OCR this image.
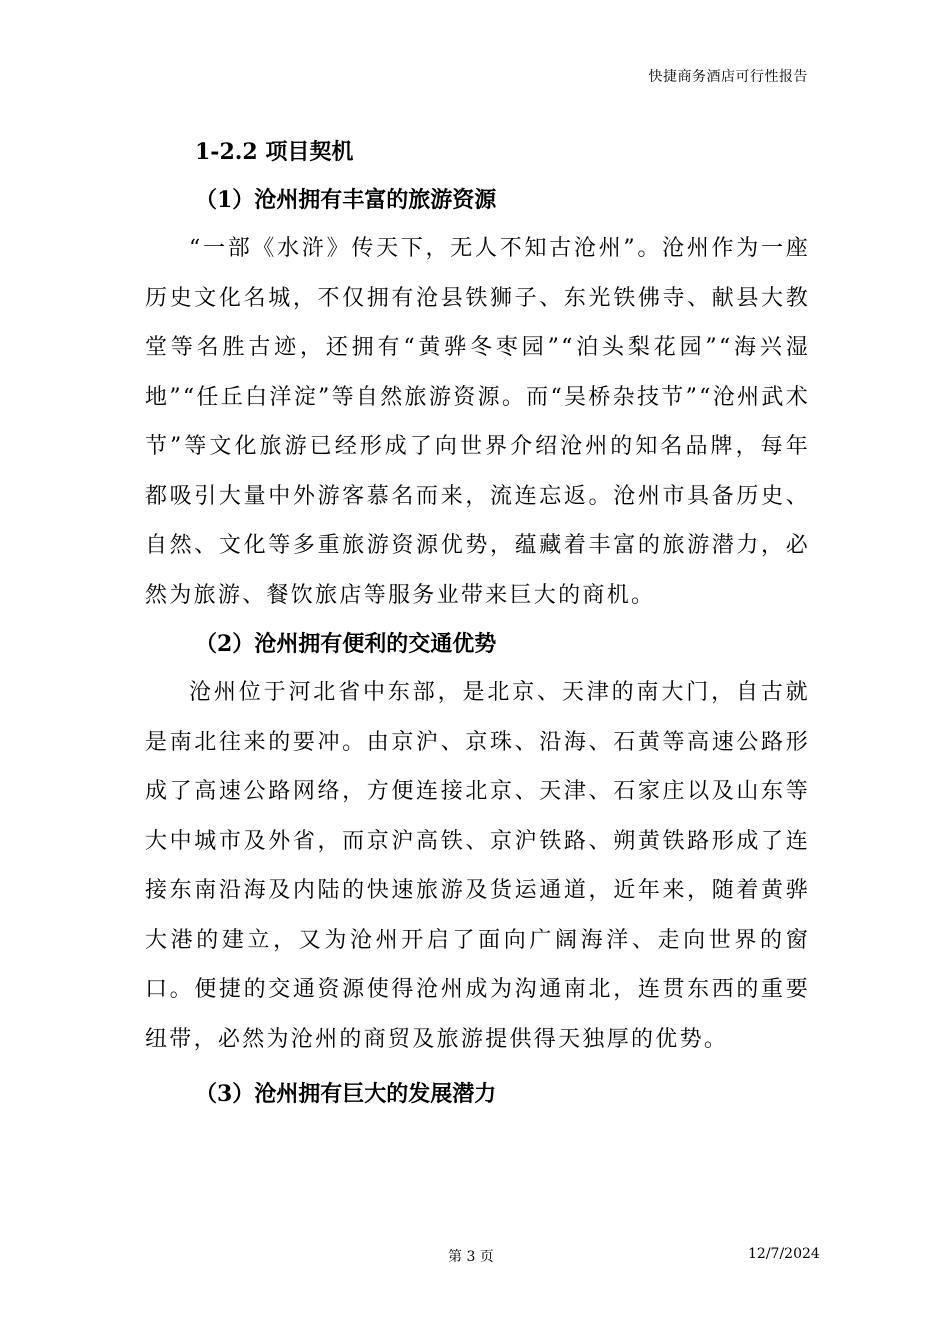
快捷商务酒店可行性报告
1-2.2 项目契机
（1）沧州拥有丰富的旅游资源

“一部《水浒》传天下，无人不知古沧州”。沧州作为一座历史文化名城，不仅拥有沧县铁狮子、东光铁佛寺、献县大教堂等名胜古迹，还拥有“黄骅冬枣园”“泊头梨花园”“海兴湿地”“任丘白洋淀”等自然旅游资源。而“吴桥杂技节”“沧州武术节”等文化旅游已经形成了向世界介绍沧州的知名品牌，每年都吸引大量中外游客慕名而来，流连忘返。沧州市具备历史、自然、文化等多重旅游资源优势，蕴藏着丰富的旅游潜力，必然为旅游、餐饮旅店等服务业带来巨大的商机。

（2）沧州拥有便利的交通优势

沧州位于河北省中东部，是北京、天津的南大门，自古就是南北往来的要冲。由京沪、京珠、沿海、石黄等高速公路形成了高速公路网络，方便连接北京、天津、石家庄以及山东等大中城市及外省，而京沪高铁、京沪铁路、朔黄铁路形成了连接东南沿海及内陆的快速旅游及货运通道，近年来，随着黄骅大港的建立，又为沧州开启了面向广阔海洋、走向世界的窗口。便捷的交通资源使得沧州成为沟通南北，连贯东西的重要纽带，必然为沧州的商贸及旅游提供得天独厚的优势。

（3）沧州拥有巨大的发展潜力
第 3 页	12/7/2024
